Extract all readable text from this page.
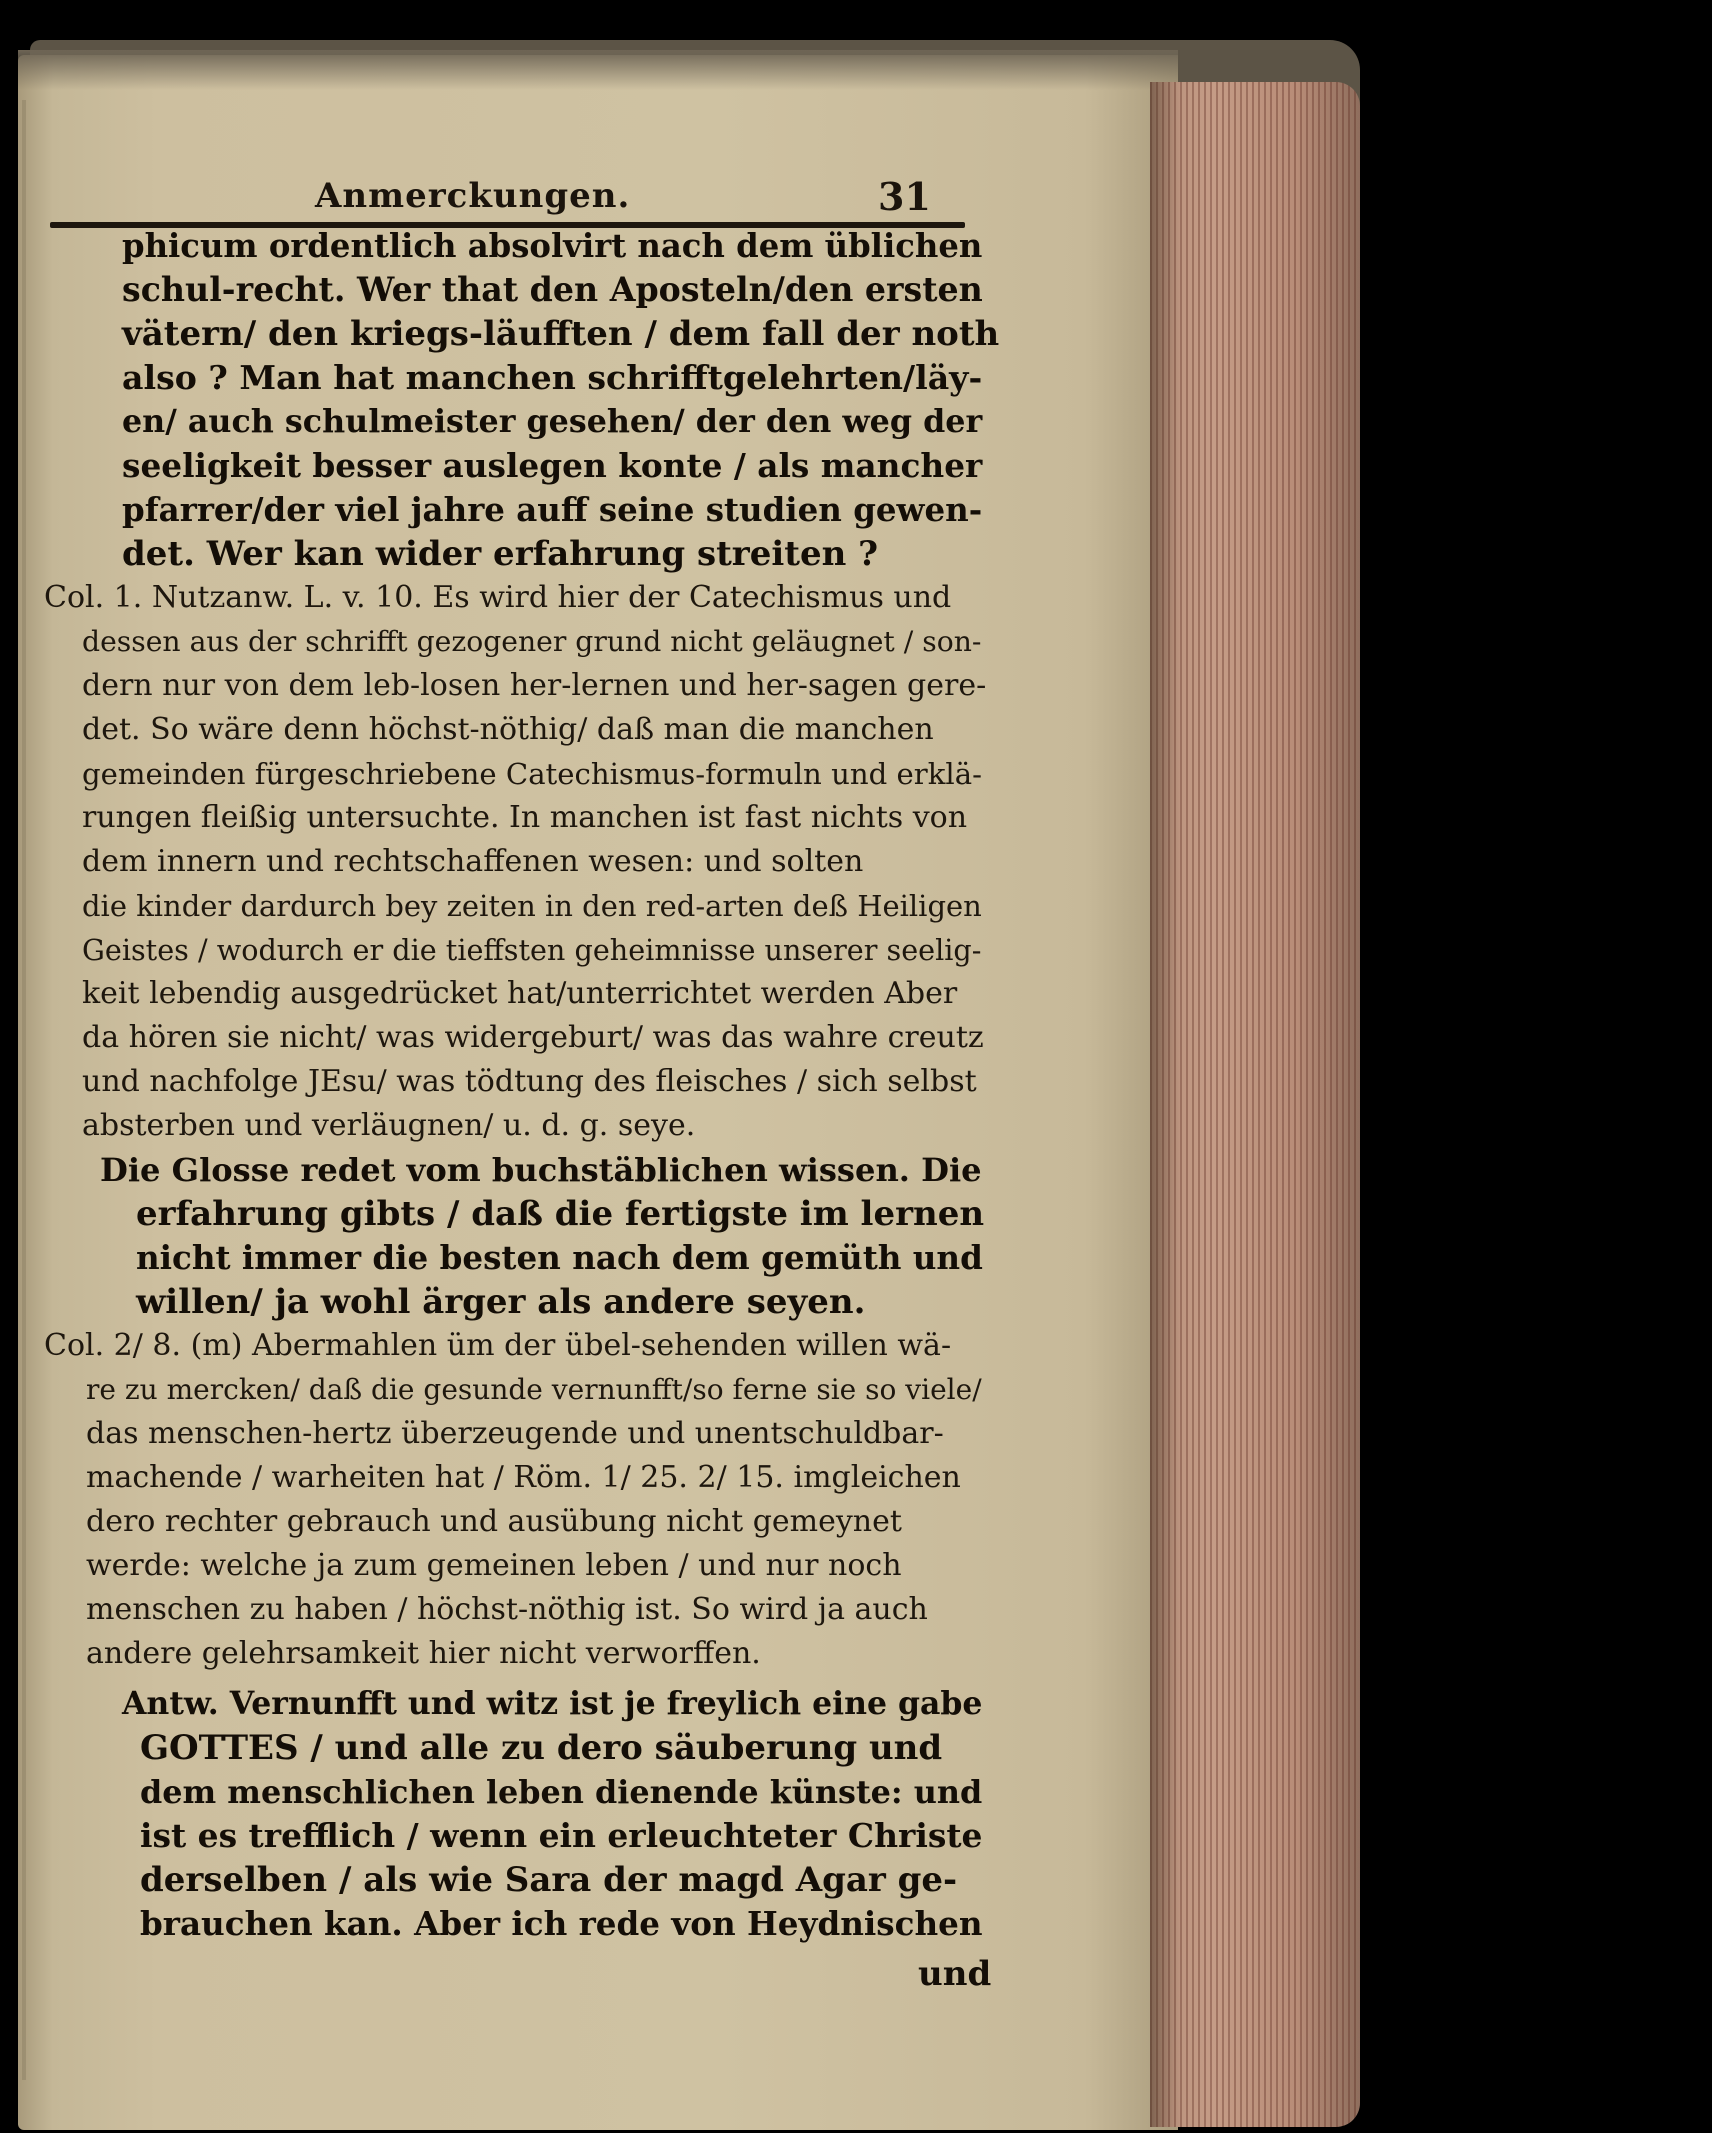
Anmerckungen.	31
phicum ordentlich absolvirt nach dem üblichen
schul-recht. Wer that den Aposteln/den ersten
vätern/ den kriegs-läufften / dem fall der noth
also ? Man hat manchen schrifftgelehrten/läy-
en/ auch schulmeister gesehen/ der den weg der
seeligkeit besser auslegen konte / als mancher
pfarrer/der viel jahre auff seine studien gewen-
det. Wer kan wider erfahrung streiten ?
Col. 1. Nutzanw. L. v. 10. Es wird hier der Catechismus und
dessen aus der schrifft gezogener grund nicht geläugnet / son-
dern nur von dem leb-losen her-lernen und her-sagen gere-
det. So wäre denn höchst-nöthig/ daß man die manchen
gemeinden fürgeschriebene Catechismus-formuln und erklä-
rungen fleißig untersuchte. In manchen ist fast nichts von
dem innern und rechtschaffenen wesen: und solten
die kinder dardurch bey zeiten in den red-arten deß Heiligen
Geistes / wodurch er die tieffsten geheimnisse unserer seelig-
keit lebendig ausgedrücket hat/unterrichtet werden Aber
da hören sie nicht/ was widergeburt/ was das wahre creutz
und nachfolge JEsu/ was tödtung des fleisches / sich selbst
absterben und verläugnen/ u. d. g. seye.
Die Glosse redet vom buchstäblichen wissen. Die
erfahrung gibts / daß die fertigste im lernen
nicht immer die besten nach dem gemüth und
willen/ ja wohl ärger als andere seyen.
Col. 2/ 8. (m) Abermahlen üm der übel-sehenden willen wä-
re zu mercken/ daß die gesunde vernunfft/so ferne sie so viele/
das menschen-hertz überzeugende und unentschuldbar-
machende / warheiten hat / Röm. 1/ 25. 2/ 15. imgleichen
dero rechter gebrauch und ausübung nicht gemeynet
werde: welche ja zum gemeinen leben / und nur noch
menschen zu haben / höchst-nöthig ist. So wird ja auch
andere gelehrsamkeit hier nicht verworffen.
Antw. Vernunfft und witz ist je freylich eine gabe
GOTTES / und alle zu dero säuberung und
dem menschlichen leben dienende künste: und
ist es trefflich / wenn ein erleuchteter Christe
derselben / als wie Sara der magd Agar ge-
brauchen kan. Aber ich rede von Heydnischen
und
